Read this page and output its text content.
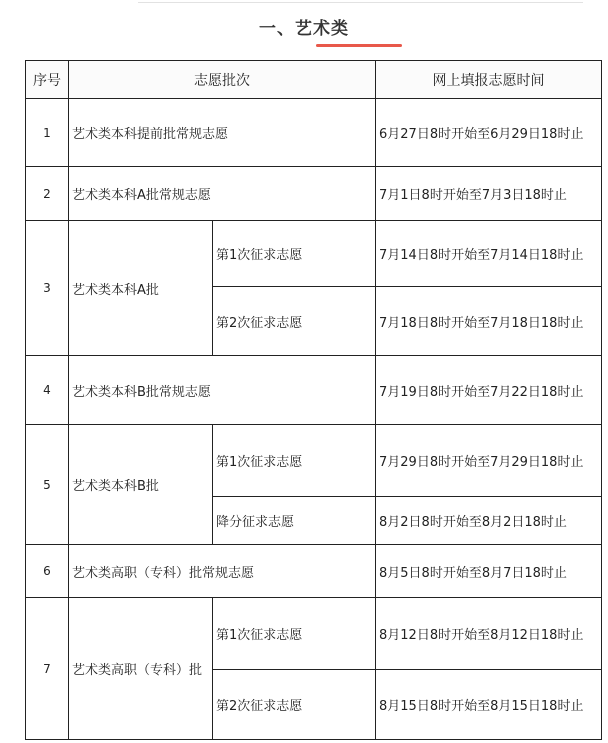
一、艺术类
序号	志愿批次		网上填报志愿时间
1	艺术类本科提前批常规志愿		6月27日8时开始至6月29日18时止
2	艺术类本科A批常规志愿		7月1日8时开始至7月3日18时止
3	艺术类本科A批	第1次征求志愿	7月14日8时开始至7月14日18时止
		第2次征求志愿	7月18日8时开始至7月18日18时止
4	艺术类本科B批常规志愿		7月19日8时开始至7月22日18时止
5	艺术类本科B批	第1次征求志愿	7月29日8时开始至7月29日18时止
		降分征求志愿	8月2日8时开始至8月2日18时止
6	艺术类高职（专科）批常规志愿		8月5日8时开始至8月7日18时止
7	艺术类高职（专科）批	第1次征求志愿	8月12日8时开始至8月12日18时止
		第2次征求志愿	8月15日8时开始至8月15日18时止
